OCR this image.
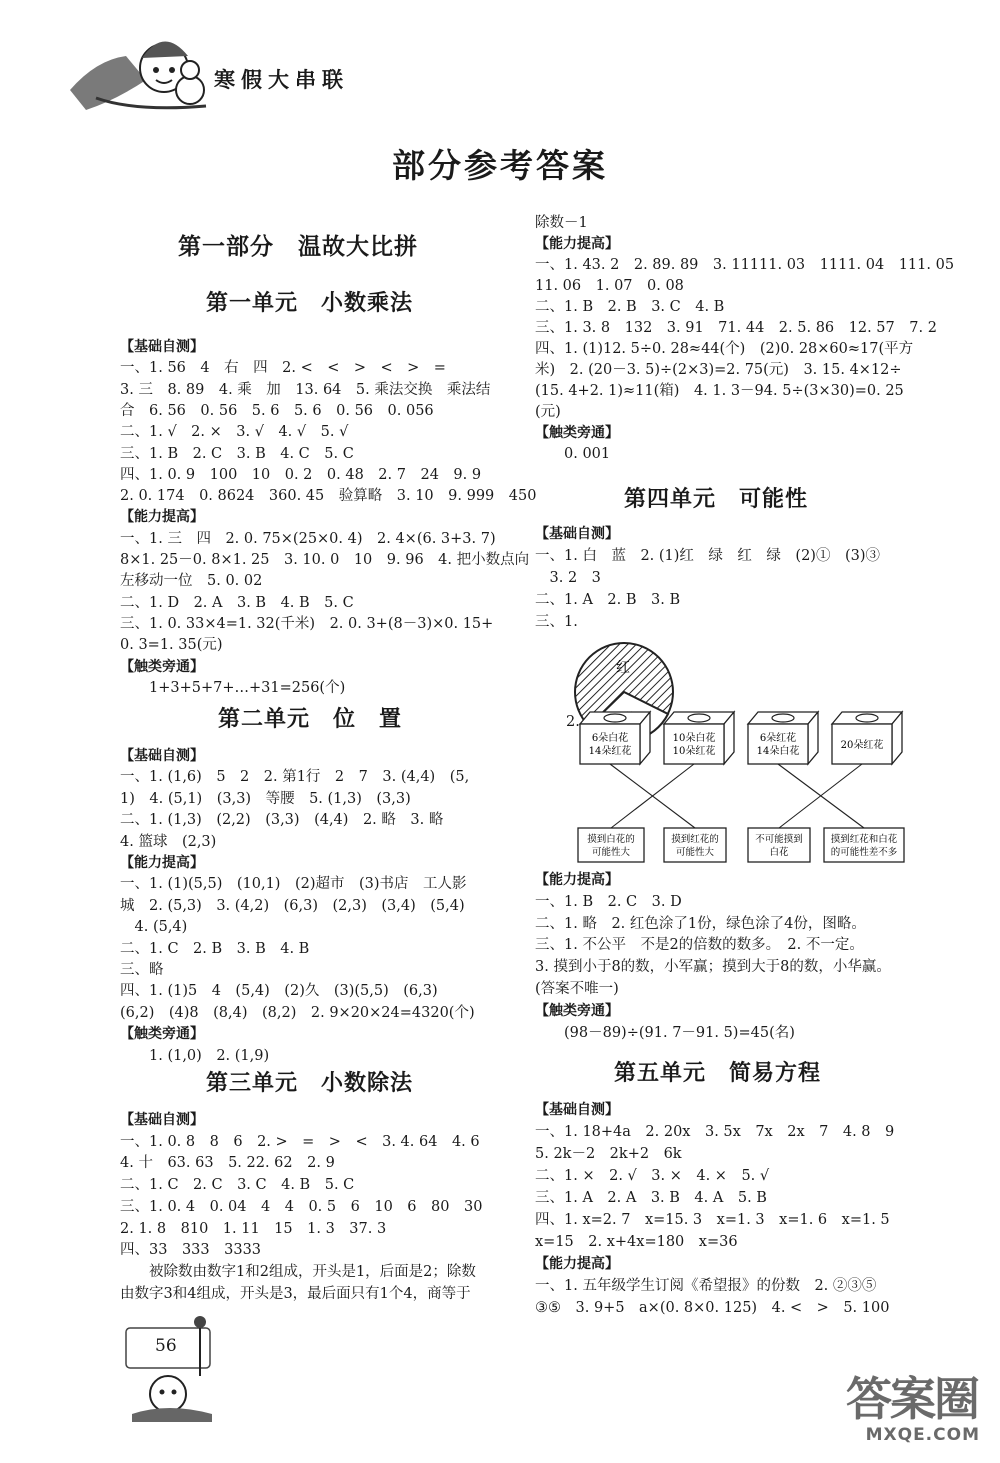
寒假大串联
部分参考答案
第一部分　温故大比拼
第一单元　小数乘法
【基础自测】
一、1. 56　4　右　四　2. <　<　>　<　>　=
3. 三　8. 89　4. 乘　加　13. 64　5. 乘法交换　乘法结
合　6. 56　0. 56　5. 6　5. 6　0. 56　0. 056
二、1. √　2. ×　3. √　4. √　5. √
三、1. B　2. C　3. B　4. C　5. C
四、1. 0. 9　100　10　0. 2　0. 48　2. 7　24　9. 9
2. 0. 174　0. 8624　360. 45　验算略　3. 10　9. 999　450
【能力提高】
一、1. 三　四　2. 0. 75×(25×0. 4)　2. 4×(6. 3+3. 7)
8×1. 25－0. 8×1. 25　3. 10. 0　10　9. 96　4. 把小数点向
左移动一位　5. 0. 02
二、1. D　2. A　3. B　4. B　5. C
三、1. 0. 33×4=1. 32(千米)　2. 0. 3+(8－3)×0. 15+
0. 3=1. 35(元)
【触类旁通】
　　1+3+5+7+…+31=256(个)
第二单元　位　置
【基础自测】
一、1. (1,6)　5　2　2. 第1行　2　7　3. (4,4)　(5,
1)　4. (5,1)　(3,3)　等腰　5. (1,3)　(3,3)
二、1. (1,3)　(2,2)　(3,3)　(4,4)　2. 略　3. 略
4. 篮球　(2,3)
【能力提高】
一、1. (1)(5,5)　(10,1)　(2)超市　(3)书店　工人影
城　2. (5,3)　3. (4,2)　(6,3)　(2,3)　(3,4)　(5,4)
　4. (5,4)
二、1. C　2. B　3. B　4. B
三、略
四、1. (1)5　4　(5,4)　(2)久　(3)(5,5)　(6,3)
(6,2)　(4)8　(8,4)　(8,2)　2. 9×20×24=4320(个)
【触类旁通】
　　1. (1,0)　2. (1,9)
第三单元　小数除法
【基础自测】
一、1. 0. 8　8　6　2. >　=　>　<　3. 4. 64　4. 6
4. 十　63. 63　5. 22. 62　2. 9
二、1. C　2. C　3. C　4. B　5. C
三、1. 0. 4　0. 04　4　4　0. 5　6　10　6　80　30
2. 1. 8　810　1. 11　15　1. 3　37. 3
四、33　333　3333
　　被除数由数字1和2组成，开头是1，后面是2；除数
由数字3和4组成，开头是3，最后面只有1个4，商等于
除数－1
【能力提高】
一、1. 43. 2　2. 89. 89　3. 11111. 03　1111. 04　111. 05
11. 06　1. 07　0. 08
二、1. B　2. B　3. C　4. B
三、1. 3. 8　132　3. 91　71. 44　2. 5. 86　12. 57　7. 2
四、1. (1)12. 5÷0. 28≈44(个)　(2)0. 28×60≈17(平方
米)　2. (20－3. 5)÷(2×3)=2. 75(元)　3. 15. 4×12÷
(15. 4+2. 1)≈11(箱)　4. 1. 3－94. 5÷(3×30)=0. 25
(元)
【触类旁通】
　　0. 001
第四单元　可能性
【基础自测】
一、1. 白　蓝　2. (1)红　绿　红　绿　(2)①　(3)③
　3. 2　3
二、1. A　2. B　3. B
三、1.
红
2.
6朵白花
14朵红花
10朵白花
10朵红花
6朵红花
14朵白花
20朵红花
摸到白花的
可能性大
摸到红花的
可能性大
不可能摸到
白花
摸到红花和白花
的可能性差不多
【能力提高】
一、1. B　2. C　3. D
二、1. 略　2. 红色涂了1份，绿色涂了4份，图略。
三、1. 不公平　不是2的倍数的数多。　2. 不一定。
3. 摸到小于8的数，小军赢；摸到大于8的数，小华赢。
(答案不唯一)
【触类旁通】
　　(98－89)÷(91. 7－91. 5)=45(名)
第五单元　简易方程
【基础自测】
一、1. 18+4a　2. 20x　3. 5x　7x　2x　7　4. 8　9
5. 2k－2　2k+2　6k
二、1. ×　2. √　3. ×　4. ×　5. √
三、1. A　2. A　3. B　4. A　5. B
四、1. x=2. 7　x=15. 3　x=1. 3　x=1. 6　x=1. 5
x=15　2. x+4x=180　x=36
【能力提高】
一、1. 五年级学生订阅《希望报》的份数　2. ②③⑤
③⑤　3. 9+5　a×(0. 8×0. 125)　4. <　>　5. 100
56
答案圈
MXQE.COM
